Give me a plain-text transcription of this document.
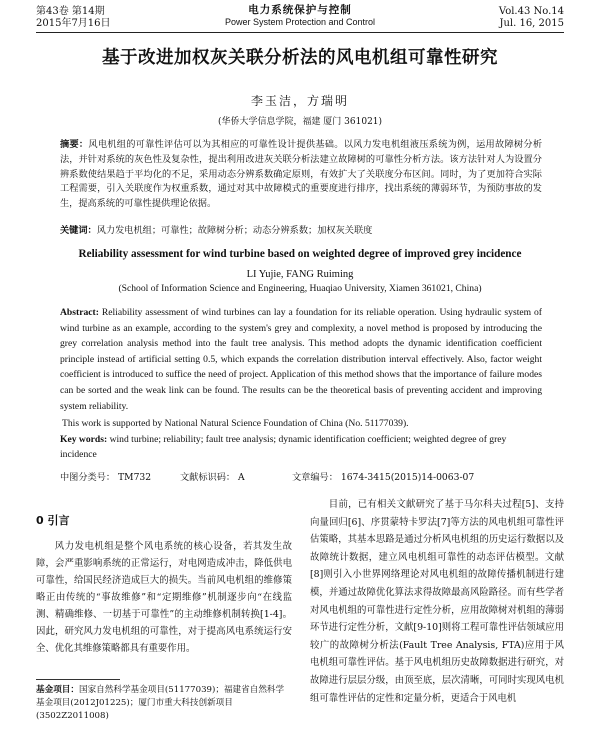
第43卷 第14期
2015年7月16日
电力系统保护与控制
Power System Protection and Control
Vol.43 No.14
Jul. 16, 2015
基于改进加权灰关联分析法的风电机组可靠性研究
李玉洁，方瑞明
(华侨大学信息学院，福建 厦门 361021)
摘要：风电机组的可靠性评估可以为其相应的可靠性设计提供基础。以风力发电机组液压系统为例，运用故障树分析法，并针对系统的灰色性及复杂性，提出利用改进灰关联分析法建立故障树的可靠性分析方法。该方法针对人为设置分辨系数使结果趋于平均化的不足，采用动态分辨系数确定原则，有效扩大了关联度分布区间。同时，为了更加符合实际工程需要，引入关联度作为权重系数，通过对其中故障模式的重要度进行排序，找出系统的薄弱环节，为预防事故的发生，提高系统的可靠性提供理论依据。
关键词：风力发电机组；可靠性；故障树分析；动态分辨系数；加权灰关联度
Reliability assessment for wind turbine based on weighted degree of improved grey incidence
LI Yujie, FANG Ruiming
(School of Information Science and Engineering, Huaqiao University, Xiamen 361021, China)
Abstract: Reliability assessment of wind turbines can lay a foundation for its reliable operation. Using hydraulic system of wind turbine as an example, according to the system's grey and complexity, a novel method is proposed by introducing the grey correlation analysis method into the fault tree analysis. This method adopts the dynamic identification coefficient principle instead of artificial setting 0.5, which expands the correlation distribution interval effectively. Also, factor weight coefficient is introduced to suffice the need of project. Application of this method shows that the importance of failure modes can be sorted and the weak link can be found. The results can be the theoretical basis of preventing accident and improving system reliability.
This work is supported by National Natural Science Foundation of China (No. 51177039).
Key words: wind turbine; reliability; fault tree analysis; dynamic identification coefficient; weighted degree of grey incidence
中图分类号： TM732	文献标识码： A	文章编号： 1674-3415(2015)14-0063-07
0 引言

风力发电机组是整个风电系统的核心设备，若其发生故障，会严重影响系统的正常运行，对电网造成冲击，降低供电可靠性，给国民经济造成巨大的损失。当前风电机组的维修策略正由传统的“事故维修”和“定期维修”机制逐步向“在线监测、精确维修、一切基于可靠性”的主动维修机制转换[1-4]。因此，研究风力发电机组的可靠性，对于提高风电系统运行安全、优化其维修策略都具有重要作用。

目前，已有相关文献研究了基于马尔科夫过程[5]、支持向量回归[6]、序贯蒙特卡罗法[7]等方法的风电机组可靠性评估策略，其基本思路是通过分析风电机组的历史运行数据以及故障统计数据，建立风电机组可靠性的动态评估模型。文献[8]则引入小世界网络理论对风电机组的故障传播机制进行建模，并通过故障优化算法求得故障最高风险路径。而有些学者对风电机组的可靠性进行定性分析，应用故障树对机组的薄弱环节进行定性分析，文献[9-10]则将工程可靠性评估领域应用较广的故障树分析法(Fault Tree Analysis, FTA)应用于风电机组可靠性评估。基于风电机组历史故障数据进行研究，对故障进行层层分级，由顶至底，层次清晰，可同时实现风电机组可靠性评估的定性和定量分析，更适合于风电机

基金项目：国家自然科学基金项目(51177039)；福建省自然科学基金项目(2012J01225)；厦门市重大科技创新项目(3502Z2011008)
